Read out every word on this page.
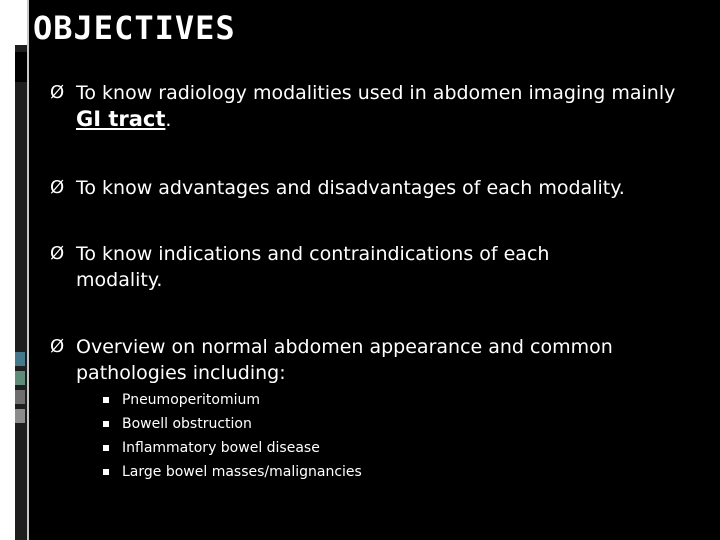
OBJECTIVES
Ø To know radiology modalities used in abdomen imaging mainly GI tract.
Ø To know advantages and disadvantages of each modality.
Ø To know indications and contraindications of each modality.
Ø Overview on normal abdomen appearance and common pathologies including:
Pneumoperitomium
Bowell obstruction
Inflammatory bowel disease
Large bowel masses/malignancies
